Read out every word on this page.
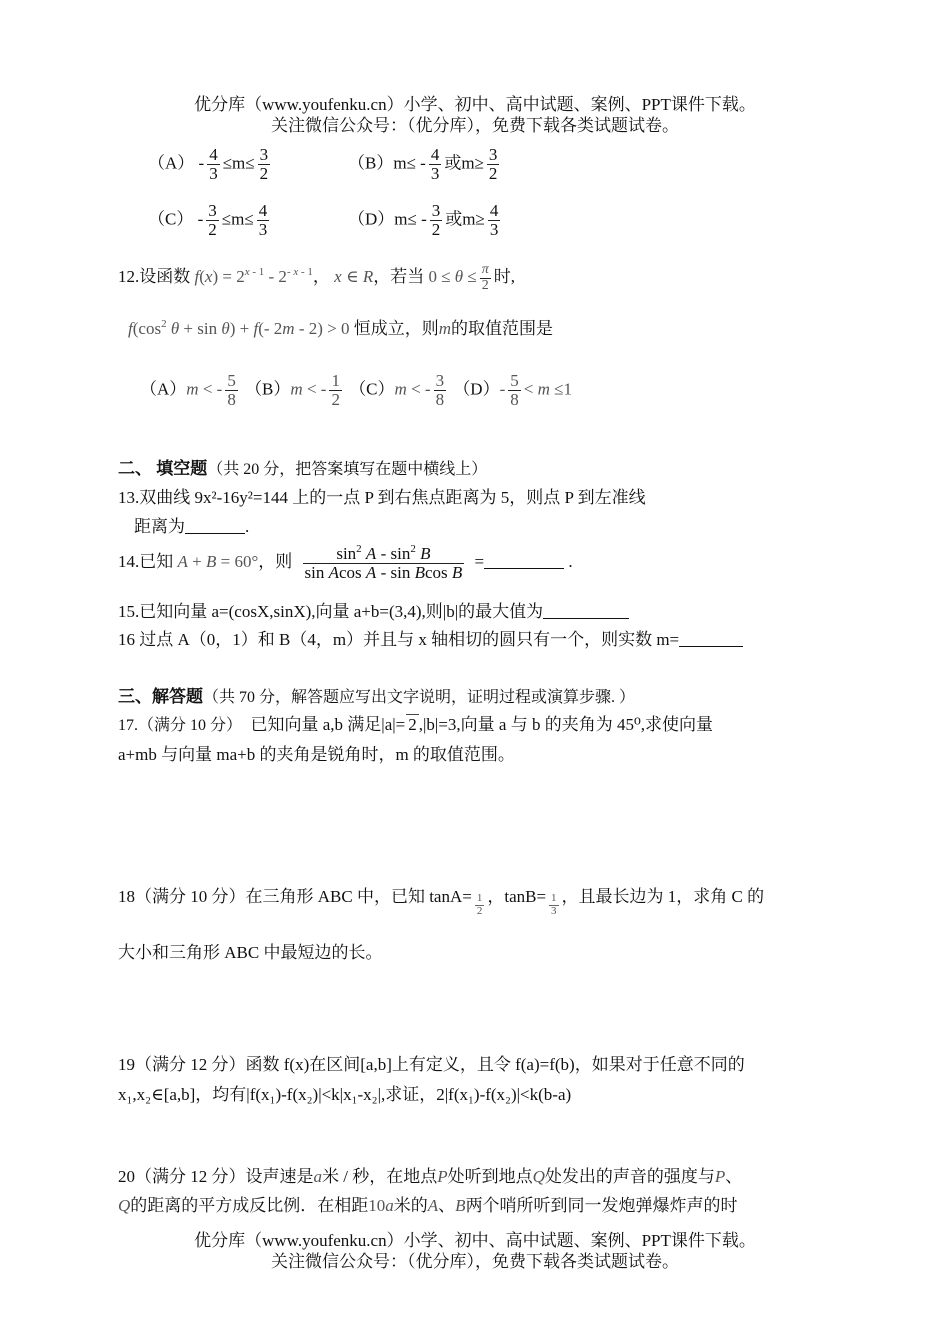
优分库（www.youfenku.cn）小学、初中、高中试题、案例、PPT课件下载。
关注微信公众号：（优分库），免费下载各类试题试卷。
$(A) - \frac{4}{3} \le m\le \frac{3}{2}$	$(B)m\le - \frac{4}{3}$ 或$m\ge \frac{3}{2}$
$(C) - \frac{3}{2} \le m\le \frac{4}{3}$	$(D)m\le - \frac{3}{2}$ 或$m\ge \frac{4}{3}$
12.设函数 $f(x) = 2^{x - 1} - 2^{- x - 1}$， x ∈ R，若当 $0 \le \theta \le \frac{\pi}{2}$ 时,
$f(\cos^2$ θ + sin θ) + f(- 2m - 2) > 0 恒成立，则m的取值范围是
（A）m < - $\frac{5}{8} (B)m$ < - $\frac{1}{2} (C)m$ < - $\frac{3}{8} (D)- \frac{5}{8} < m \le 1$
二、 填空题（共 20 分，把答案填写在题中横线上）
13.双曲线 9x²-16y²=144 上的一点 P 到右焦点距离为 5，则点 P 到左准线
距离为	.
14.已知 A + B = 60°，则 $\frac{\sin^2 A - \sin^2 B}{\text{sin Acos A - sin Bcos B}}$ =	.
15.已知向量 a=(cosX,sinX),向量 a+b=(3,4),则|b|的最大值为
16 过点 A（0，1）和 B（4，m）并且与 x 轴相切的圆只有一个，则实数 m=
三、解答题（共 70 分，解答题应写出文字说明，证明过程或演算步骤. ）
17.（满分 10 分） 已知向量 a,b 满足|a|= 2 ,|b|=3,向量 a 与 b 的夹角为 45⁰,求使向量
a+mb 与向量 ma+b 的夹角是锐角时，m 的取值范围。
18（满分 10 分）在三角形 ABC 中，已知 $\tan A= \frac{1}{2}$ ，$\tan B= \frac{1}{3}$ ，且最长边为 1，求角 C 的
大小和三角形 ABC 中最短边的长。
19（满分 12 分）函数 f(x)在区间[a,b]上有定义，且令 f(a)=f(b)，如果对于任意不同的
x₁,x₂∈[a,b]，均有|f(x₁)-f(x₂)|<k|x₁-x₂|,求证，2|f(x₁)-f(x₂)|<k(b-a)
20（满分 12 分）设声速是a米 / 秒，在地点P处听到地点Q处发出的声音的强度与P、
Q的距离的平方成反比例．在相距10a米的A、B两个哨所听到同一发炮弹爆炸声的时
优分库（www.youfenku.cn）小学、初中、高中试题、案例、PPT课件下载。
关注微信公众号：（优分库），免费下载各类试题试卷。
